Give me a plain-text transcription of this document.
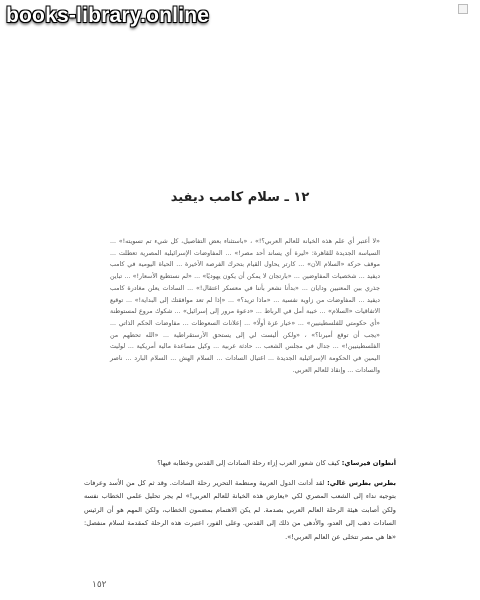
books-library.online
١٢ ـ سلام كامب ديفيد

«لا أعتبر أي علم هذه الخيانة للعالم العربي؟!» ، «باستثناء بعض التفاصيل، كل شيء تم تسويته!» ... السياسة الجديدة للقاهرة: «ليرة أي يساند أحد مصر!» ... المفاوضات الإسرائيلية المصرية تعطلت ... موقف حركة «السلام الآن» ... كارتر يحاول القيام بتحرك الفرصة الأخيرة ... الحياة اليومية في كامب ديفيد ... شخصيات المفاوضين ... «بارتجان لا يمكن أن يكون يهوديًا» ... «لم نستطيع الأسعار!» ... تباين جذري بين المعنيين ودايان ... «بدأنا نشعر بأننا في معسكر اعتقال!» ... السادات يعلن مغادرة كامب ديفيد ... المفاوضات من زاوية نفسية ... «ماذا تريد؟» ... «إذا لم تعد موافقتك إلى البداية!» ... توقيع الاتفاقيات «السلام» ... خيبة أمل في الرباط ... «دعوة مرور إلى إسرائيل» ... شكوك مروع لمستوطنة «أي حكومتي للفلسطينيين» ... «خيار غزة أولًا» ... إعلانات السعوطات ... مفاوضات الحكم الذاتي ... «يجب أن توقع أميرنا؟» ، «ولكن أليست لي إلى يستحق الأرستقراطية ... «الله تحطهم من الفلسطينيين!» ... جدال في مجلس الشعب ... حادثة عربية ... وكيل مساعدة مالية أمريكية ... لوليث اليمين في الحكومة الإسرائيلية الجديدة ... اغتيال السادات ... السلام الهش ... السلام البارد ... ناصر والسادات ... وإنقاذ للعالم العربي.

أنطوان فيرساي: كيف كان شعور العرب إزاء رحلة السادات إلى القدس وخطابه فيها؟

بطرس بطرس غالي: لقد أدانت الدول العربية ومنظمة التحرير رحلة السادات. وقد ثم كل من الأسد وعرفات بتوجيه نداء إلى الشعب المصري لكي «يعارض هذه الخيانة للعالم العربي!» لم يجر تحليل علمي الخطاب نفسه ولكن أصابت هيئة الرحلة العالم العربي بصدمة. لم يكن الاهتمام بمضمون الخطاب، ولكن المهم هو أن الرئيس السادات ذهب إلى العدو، والأدهى من ذلك إلى القدس. وعلى الفور، اعتبرت هذه الرحلة كمقدمة لسلام منفصل: «ها هي مصر تتخلى عن العالم العربي!».

١٥٢
